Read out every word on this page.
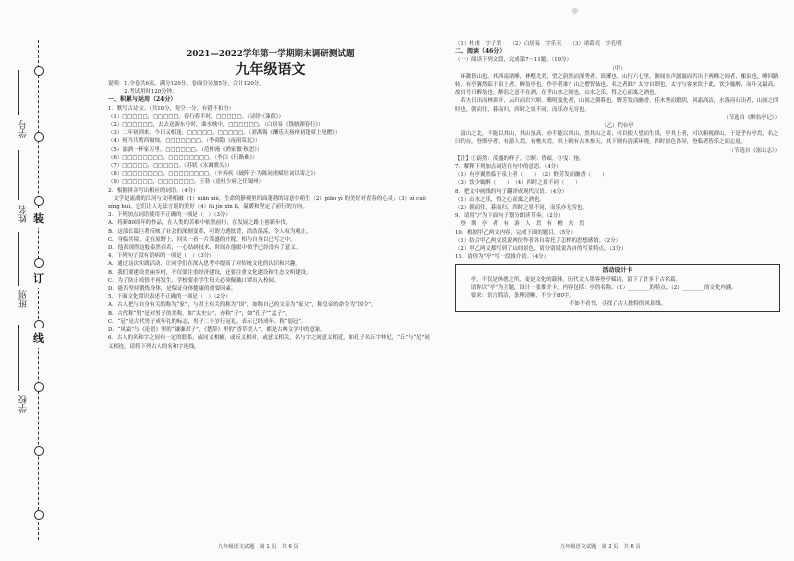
装
订
线
学号
姓名
班别
学校
@

2021—2022学年第一学期期末调研测试题

九年级语文

说明：1.全卷共6页，满分120分，卷面分另加5分，合计120分。

　　　2.考试用时120分钟。

一、积累与运用（24分）

1．默写古诗文。（共10分，每空一分，有错不扣分）

（1）□□□□□，□□□□□。春行将半时，□□□□□。（诗经·《蒹葭》）

（2）□□□□□□，去去送游东兮时，曲水映中，□□□□□□。（白居易《钱塘湖春行》）

（3）二年初到来，今日又相逢，□□□□□，□□□□□。（刘禹锡《酬乐天扬州初逢席上见赠》）

（4）何当共剪西窗烛，□□□□□□□。（李商隐《夜雨寄北》）

（5）浊酒一杯家万里，□□□□□□。（范仲淹《渔家傲·秋思》）

（6）□□□□□□□□，□□□□□□□□。（李白《行路难》）

（7）□□□□□，□□□□□。（苏轼《水调歌头》）

（8）□□□□□□□□，□□□□□□□□。（辛弃疾《破阵子·为陈同甫赋壮词以寄之》）

（9）□□□□□□，□□□□□□□。王勃（送杜少府之任蜀州）

2．根据拼音写出相应的词语。（4分）

　文学是流淌的江河与文明相融（1）xiān xiè，生命的静观里四面蓬勃的诗意中萌生（2）piāo yì 的美好对青春的心灵；（3）zì cuò xíng huì，它们让人无法言说的美好（4）lù jìn xīn lì，温暖和坚定了前行的方向。

3．下列加点词语使用不正确的一项是（　）（3分）

A．将新80周年的作品，在人类的苦难中依然前行，在发展之路上创新步伐。

B．这部长篇巨著反映了社会的深刻变革，可谓力透纸背，浩浩荡荡，令人叹为观止。

C．身临其境，走在原野上，回头一看一片茂盛的庄稼，相与自身以已写之中。

D．他表现得这般泰然自若，一心钻研技术，时间在他眼中似乎已经没有了意义。

4．下列句子没有语病的一项是（　）（3分）

A．通过这次实践活动，让同学们在深入思考中提高了对传统文化的认识和兴趣。

B．我们要建设美丽乡村，不仅要注重经济建设，还要注重文化建设和生态文明建设。

C．为了防止疫情不再发生，学校要求学生每天必须佩戴口罩出入校园。

D．能否坚持锻炼身体，是保证身体健康的重要因素。

5．下面文化常识表述不正确的一项是（　）（2分）

A．古人把与自身有关的称为“家”，与君王有关的称为“国”，如称自己的父亲为“家父”，称皇帝的命令为“国令”。

B．古代称“男”是对男子的美称，如“太史公”，亦称“子”，如“孔子”“孟子”。

C．“冠”是古代男子成年礼的标志，男子二十岁行冠礼，表示已经成年，称“弱冠”。

D．“风霜”与《论语》里的“谦谦君子”，《楚辞》里的“香草美人”，都是古典文学中的意象。

6．古人的名和字之间有一定的联系，或同义相辅，或反义相对，或意义相关，名与字之间意义相近，如孔子名丘字仲尼，“丘”与“尼”同义相连，请将下列古人的名和字连线。

（1）杜甫　字子美　　（2）白居易　字乐天　　（3）诸葛亮　字孔明

二、阅读（46分）

（一）阅读下列文段，完成第7～11题。（19分）

（甲）

　环滁皆山也。其西南诸峰，林壑尤美，望之蔚然而深秀者，琅琊也。山行六七里，渐闻水声潺潺而泻出于两峰之间者，酿泉也。峰回路转，有亭翼然临于泉上者，醉翁亭也。作亭者谁？山之僧智仙也。名之者谁？太守自谓也。太守与客来饮于此，饮少辄醉，而年又最高，故自号曰醉翁也。醉翁之意不在酒，在乎山水之间也。山水之乐，得之心而寓之酒也。

　若夫日出而林霏开，云归而岩穴暝，晦明变化者，山间之朝暮也。野芳发而幽香，佳木秀而繁阴，风霜高洁，水落而石出者，山间之四时也。朝而往，暮而归，四时之景不同，而乐亦无穷也。

（节选自《醉翁亭记》）

（乙）钓台亭

　富山之北，不能以其山，其山虽高，亦不能以其山。然其山之奇，可以使人望而生畏，亭其上者，可以俯视群山。于是乎有亭焉，名之曰钓台。登斯亭者，有游人焉，有樵夫焉。其上则有古木参天，其下则有清溪环绕，四时景色各异，登临者皆乐之而忘返。

（节选自《富山志》）

【注】①蔚然：茂盛的样子。②暝：昏暗。③曳：拖。

7．解释下列加点词语在句中的意思。（4分）

（1）有亭翼然临于泉上者（　　）　（2）野芳发而幽香（　　）

（3）饮少辄醉（　　）　（4）四时之景不同（　　）

8．把文中画线的句子翻译成现代汉语。（4分）

（1）山水之乐，得之心而寓之酒也。

（2）朝而往，暮而归，四时之景不同，而乐亦无穷也。

9．请用“/”为下面句子划分朗读节奏。（2分）

　登　斯　亭　者　有　游　人　焉　有　樵　夫　焉

10．根据甲乙两文内容，完成下面的题目。（5分）

（1）结合甲乙两文说说两位作者各自寄托了怎样的思想感情。（2分）

（2）甲乙两文都写到了山间景色，请分别说说各自的写景特点。（3分）

11．请你为“亭”写一段推介语。（4分）

活动设计卡

　　亭，不仅是休憩之所，更是文化的载体。历代文人墨客登亭赋诗，留下了许多千古名篇。

　　请你以“亭”为主题，设计一张推介卡，内容包括：亭的名称、（1）________的特点、（2）________的文化内涵。

　　要求：语言简洁，条理清晰，不少于80字。

不如不看书，寻找了古人独特的风景线。

九年级语文试题　第 1 页　共 6 页	九年级语文试题　第 2 页　共 6 页
